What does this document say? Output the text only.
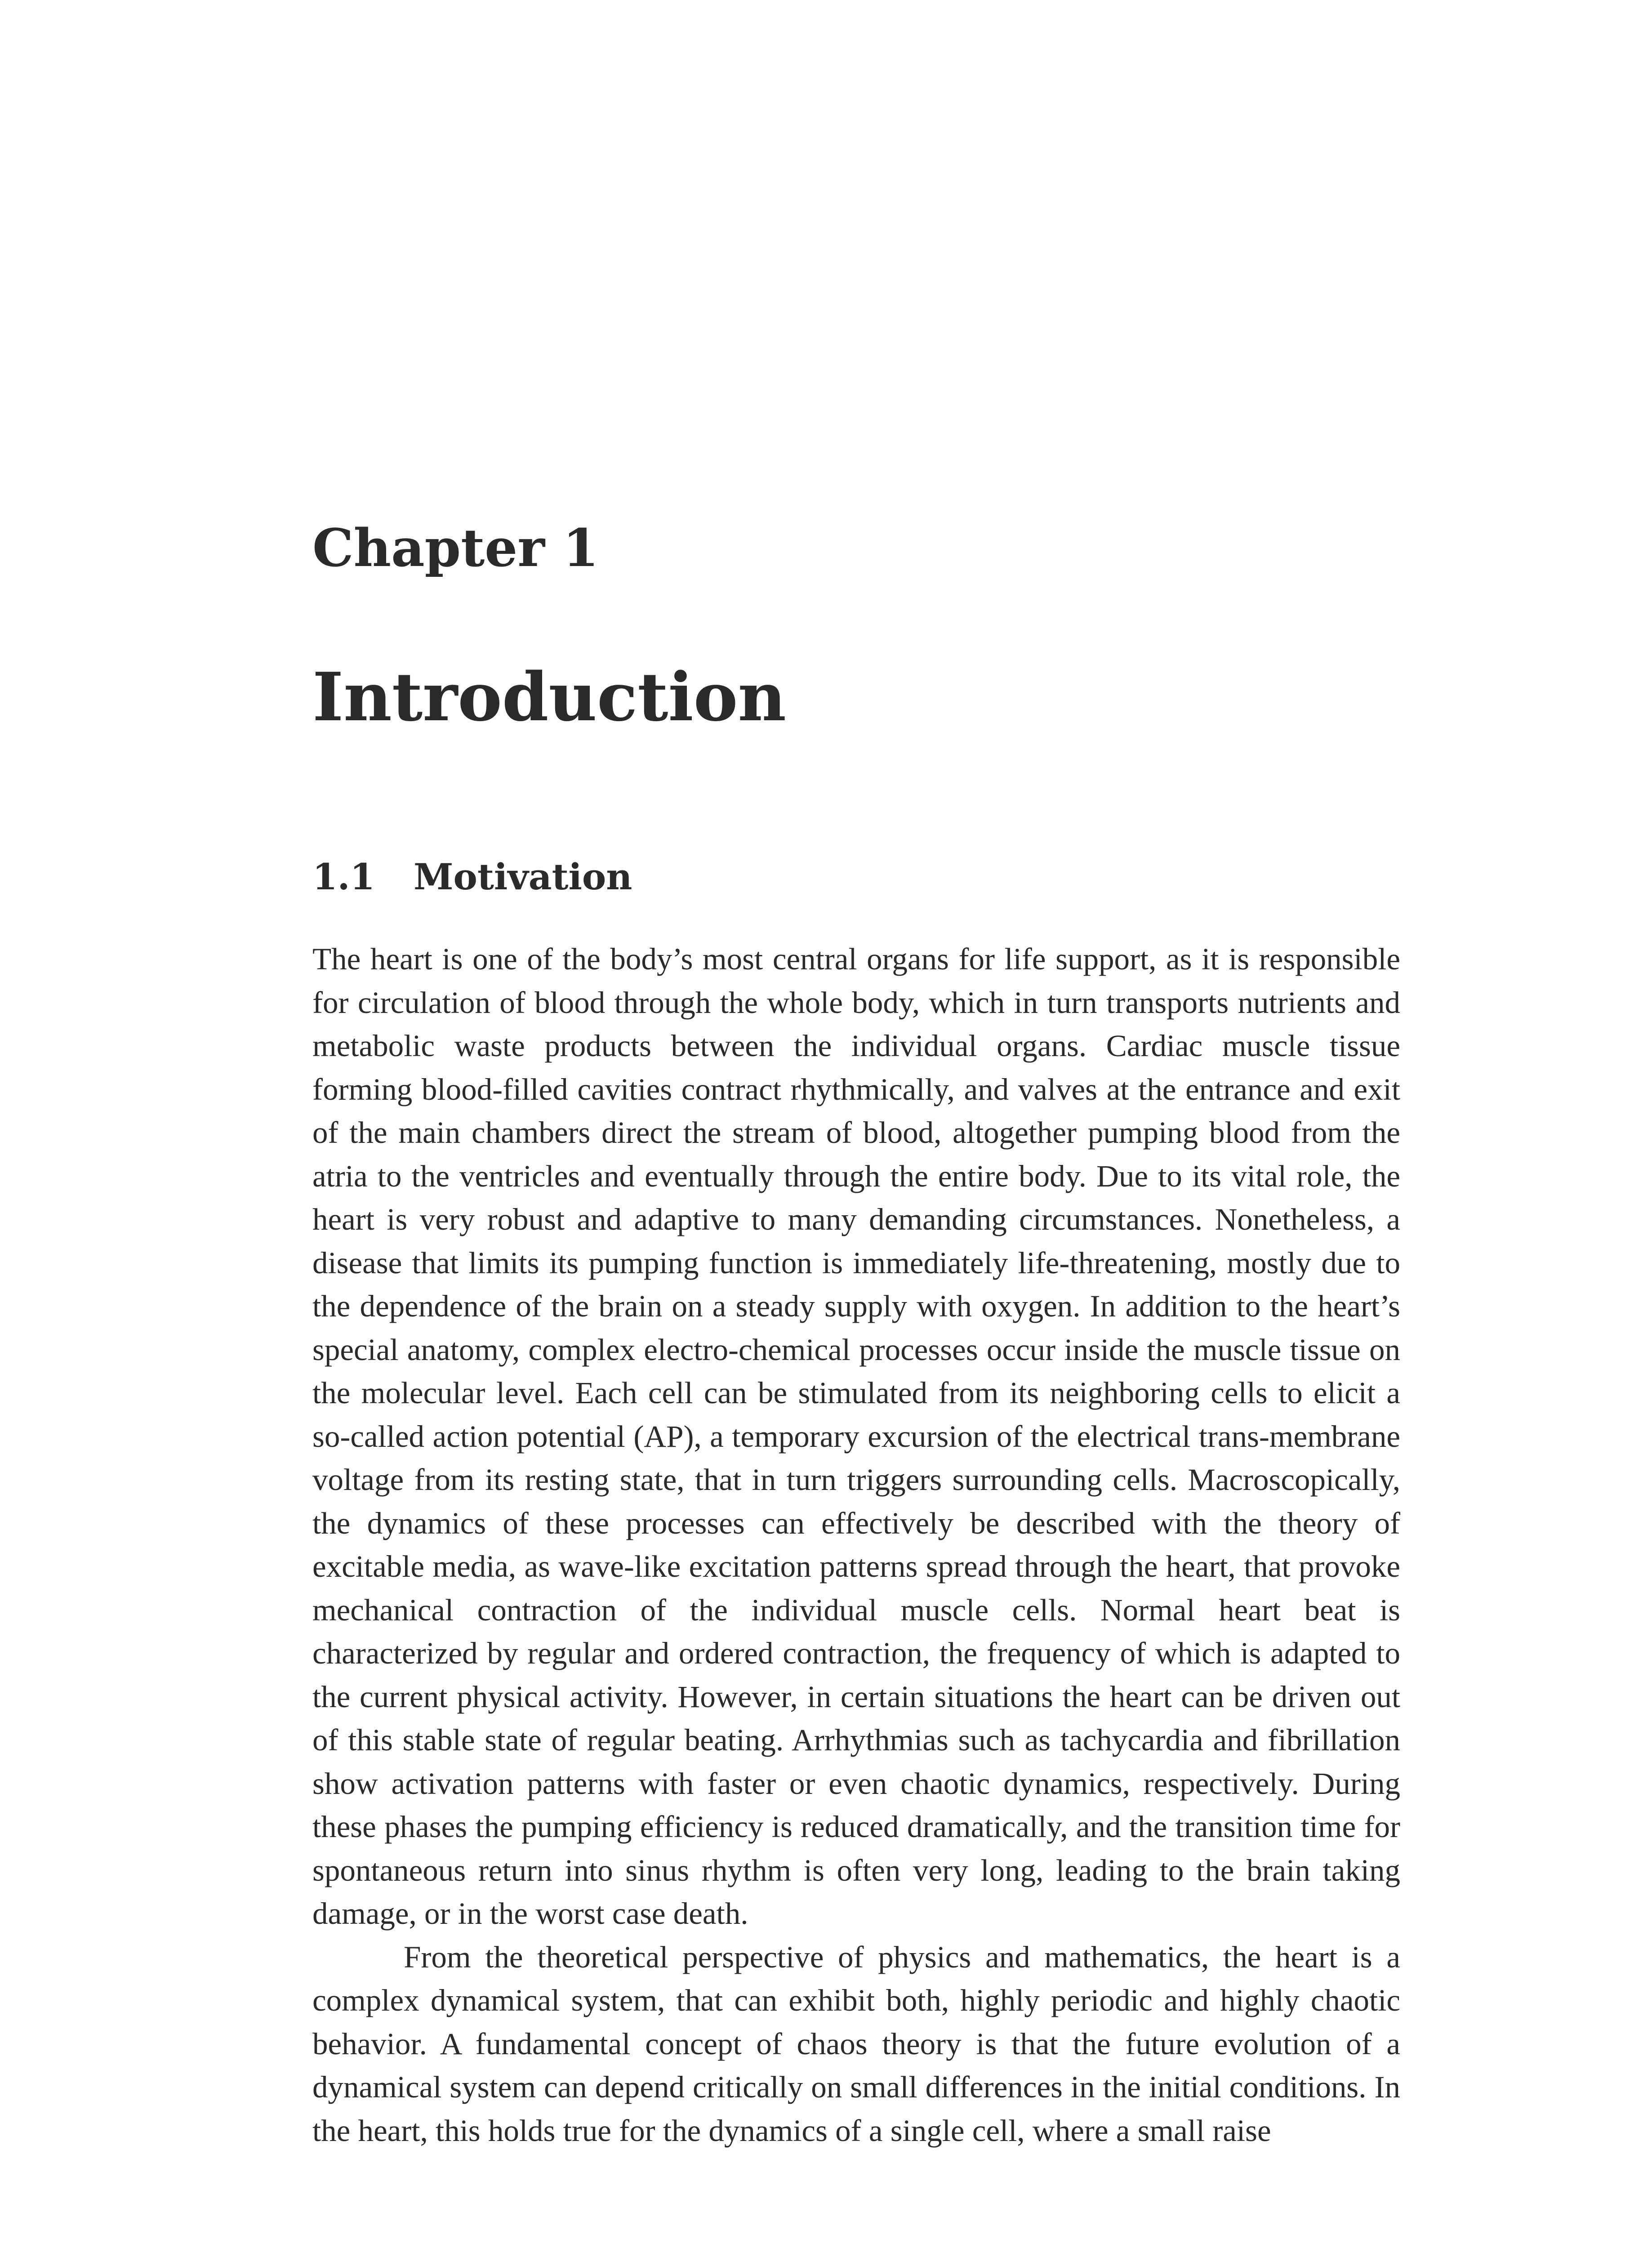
Chapter 1
Introduction
1.1 Motivation

The heart is one of the body’s most central organs for life support, as it is responsible for circulation of blood through the whole body, which in turn transports nutrients and metabolic waste products between the individual organs. Cardiac muscle tissue forming blood-filled cavities contract rhythmically, and valves at the entrance and exit of the main chambers direct the stream of blood, altogether pumping blood from the atria to the ventricles and eventually through the entire body. Due to its vital role, the heart is very robust and adaptive to many demanding circumstances. Nonetheless, a disease that limits its pumping function is immediately life-threatening, mostly due to the dependence of the brain on a steady supply with oxygen. In addition to the heart’s special anatomy, complex electro-chemical processes occur inside the muscle tissue on the molecular level. Each cell can be stimulated from its neighboring cells to elicit a so-called action potential (AP), a temporary excursion of the electrical trans-membrane voltage from its resting state, that in turn triggers surrounding cells. Macroscopically, the dynamics of these processes can effectively be described with the theory of excitable media, as wave-like excitation patterns spread through the heart, that provoke mechanical contraction of the individual muscle cells. Normal heart beat is characterized by regular and ordered contraction, the frequency of which is adapted to the current physical activity. However, in certain situations the heart can be driven out of this stable state of regular beating. Arrhythmias such as tachycardia and fibrillation show activation patterns with faster or even chaotic dynamics, respectively. During these phases the pumping efficiency is reduced dramatically, and the transition time for spontaneous return into sinus rhythm is often very long, leading to the brain taking damage, or in the worst case death.

From the theoretical perspective of physics and mathematics, the heart is a complex dynamical system, that can exhibit both, highly periodic and highly chaotic behavior. A fundamental concept of chaos theory is that the future evolution of a dynamical system can depend critically on small differences in the initial conditions. In the heart, this holds true for the dynamics of a single cell, where a small raise
